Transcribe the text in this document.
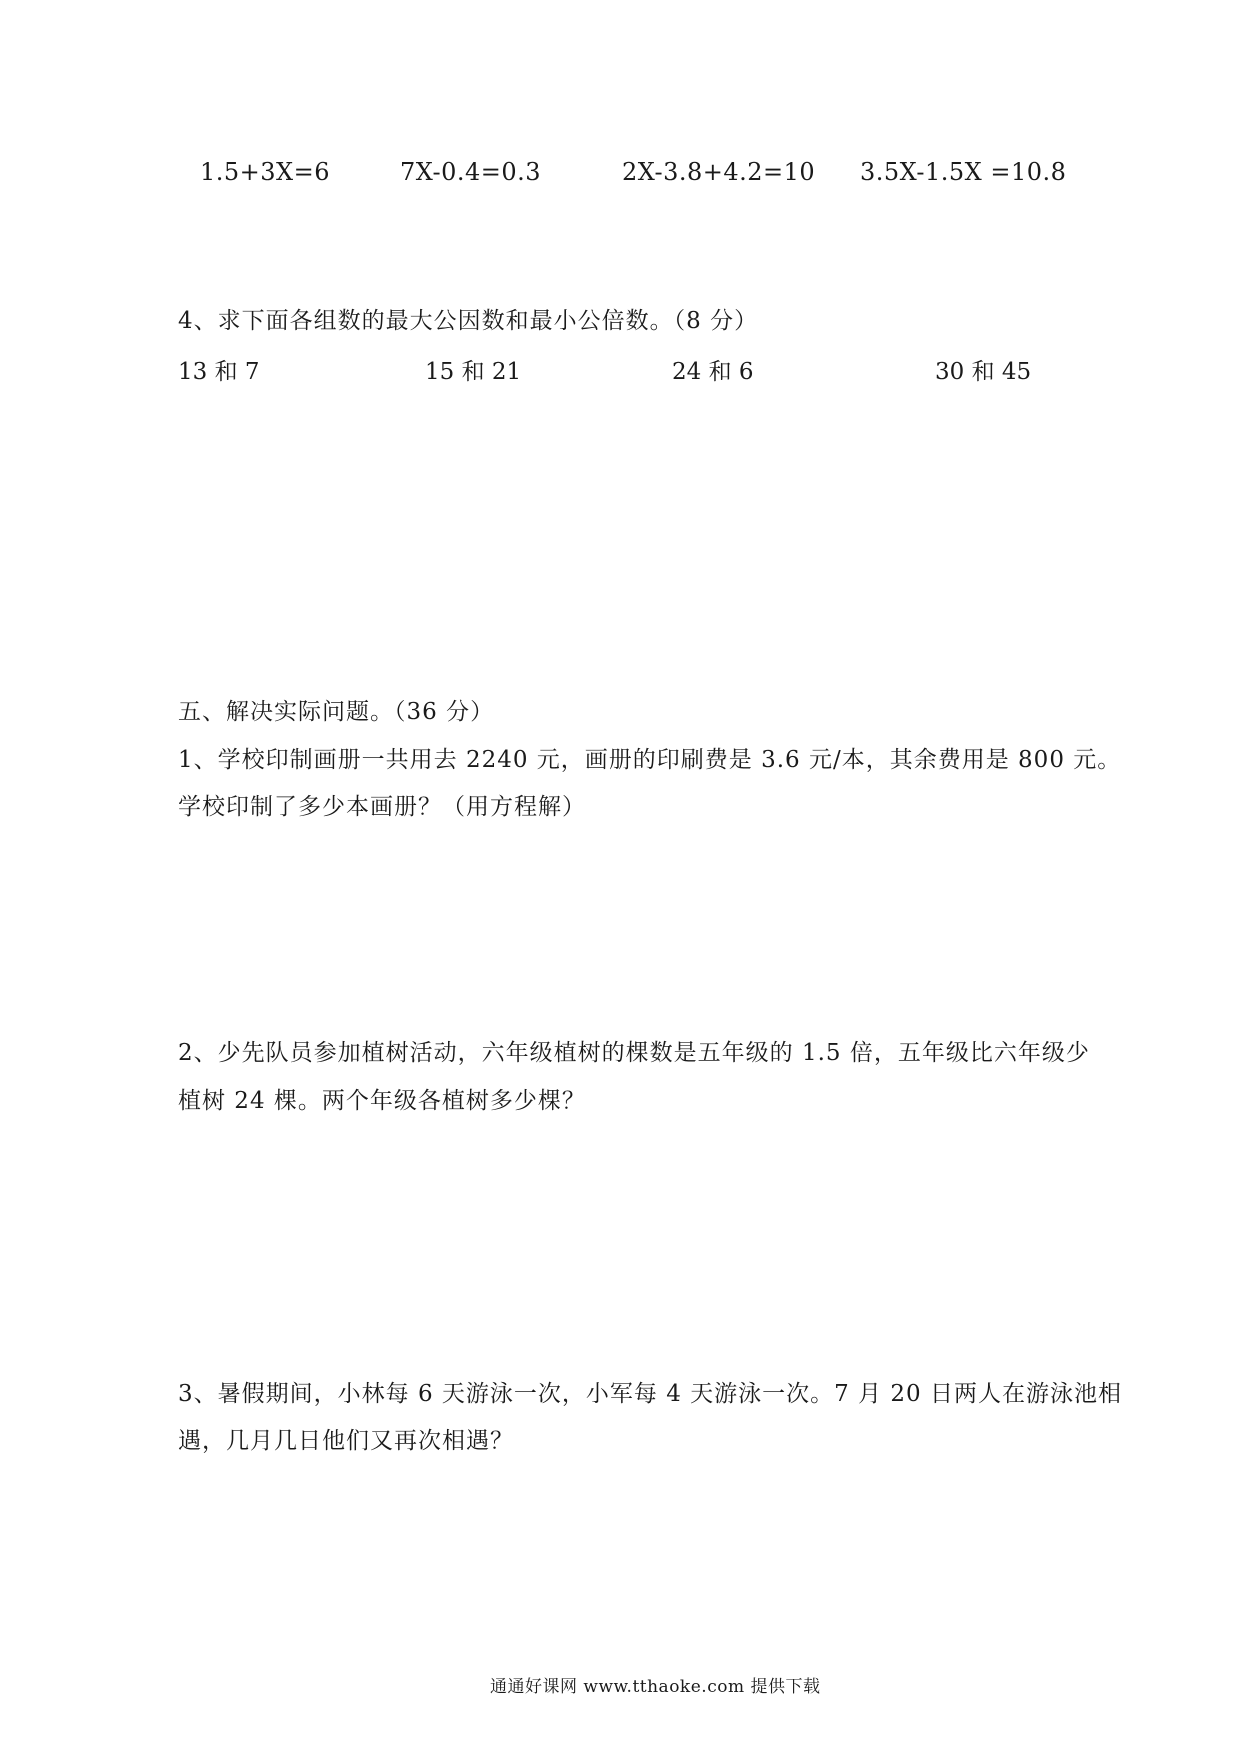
1.5+3X=6	7X-0.4=0.3	2X-3.8+4.2=10 3.5X-1.5X =10.8
4、求下面各组数的最大公因数和最小公倍数。（8 分）
13 和 7	15 和 21	24 和 6	30 和 45
五、解决实际问题。（36 分）
1、学校印制画册一共用去 2240 元，画册的印刷费是 3.6 元/本，其余费用是 800 元。
学校印制了多少本画册？（用方程解）
2、少先队员参加植树活动，六年级植树的棵数是五年级的 1.5 倍，五年级比六年级少
植树 24 棵。两个年级各植树多少棵？
3、暑假期间，小林每 6 天游泳一次，小军每 4 天游泳一次。7 月 20 日两人在游泳池相
遇，几月几日他们又再次相遇？
通通好课网 www.tthaoke.com 提供下载
